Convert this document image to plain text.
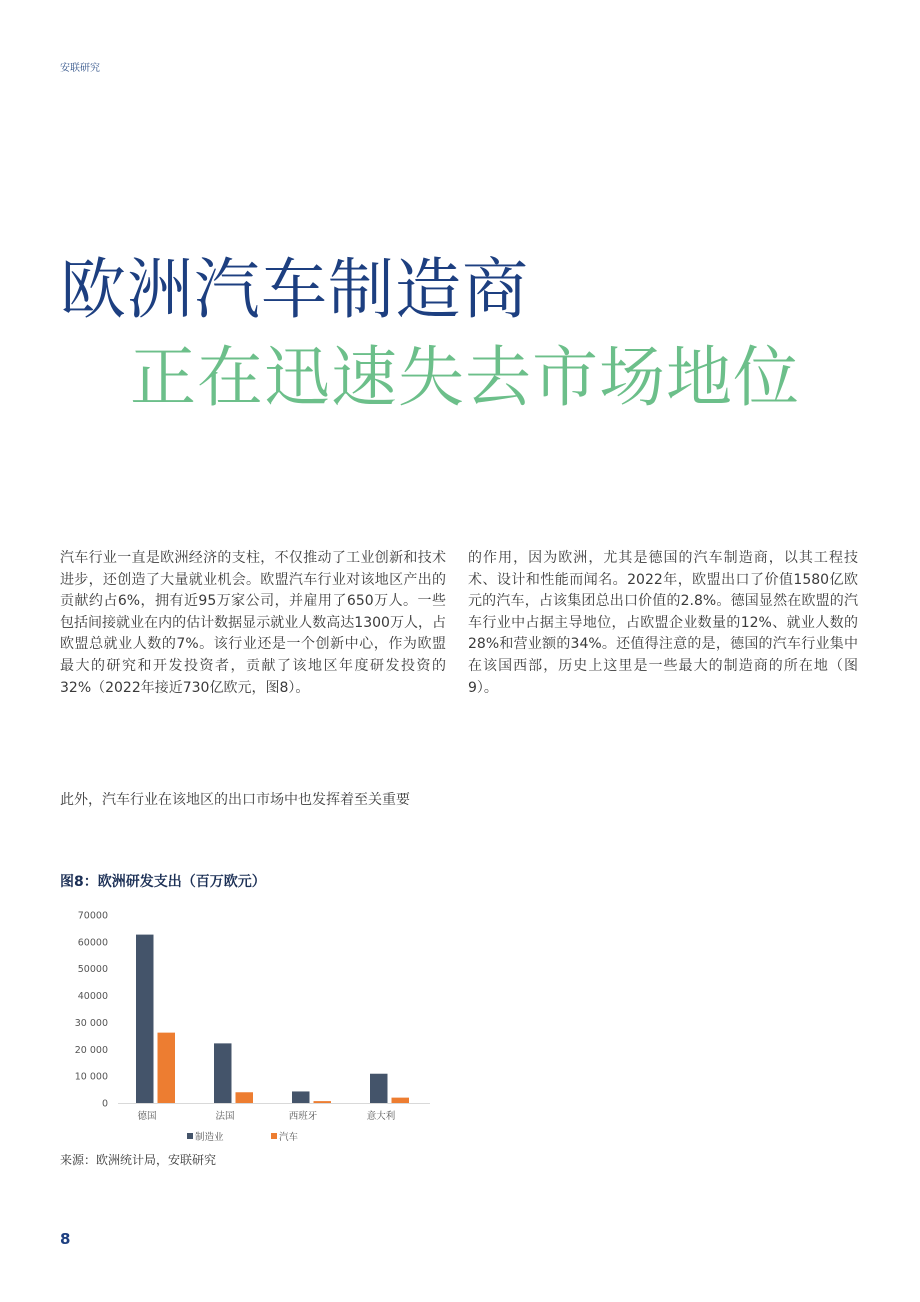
安联研究
欧洲汽车制造商
正在迅速失去市场地位

汽车行业一直是欧洲经济的支柱，不仅推动了工业创新和技术进步，还创造了大量就业机会。欧盟汽车行业对该地区产出的贡献约占6%，拥有近95万家公司，并雇用了650万人。一些包括间接就业在内的估计数据显示就业人数高达1300万人，占欧盟总就业人数的7%。该行业还是一个创新中心，作为欧盟最大的研究和开发投资者，贡献了该地区年度研发投资的32%（2022年接近730亿欧元，图8）。

此外，汽车行业在该地区的出口市场中也发挥着至关重要

的作用，因为欧洲，尤其是德国的汽车制造商，以其工程技术、设计和性能而闻名。2022年，欧盟出口了价值1580亿欧元的汽车，占该集团总出口价值的2.8%。德国显然在欧盟的汽车行业中占据主导地位，占欧盟企业数量的12%、就业人数的28%和营业额的34%。还值得注意的是，德国的汽车行业集中在该国西部，历史上这里是一些最大的制造商的所在地（图9）。

图8：欧洲研发支出（百万欧元）
0
10 000
20 000
30 000
40000
50000
60000
70000
德国	法国	西班牙	意大利
制造业	汽车
来源：欧洲统计局，安联研究
8
